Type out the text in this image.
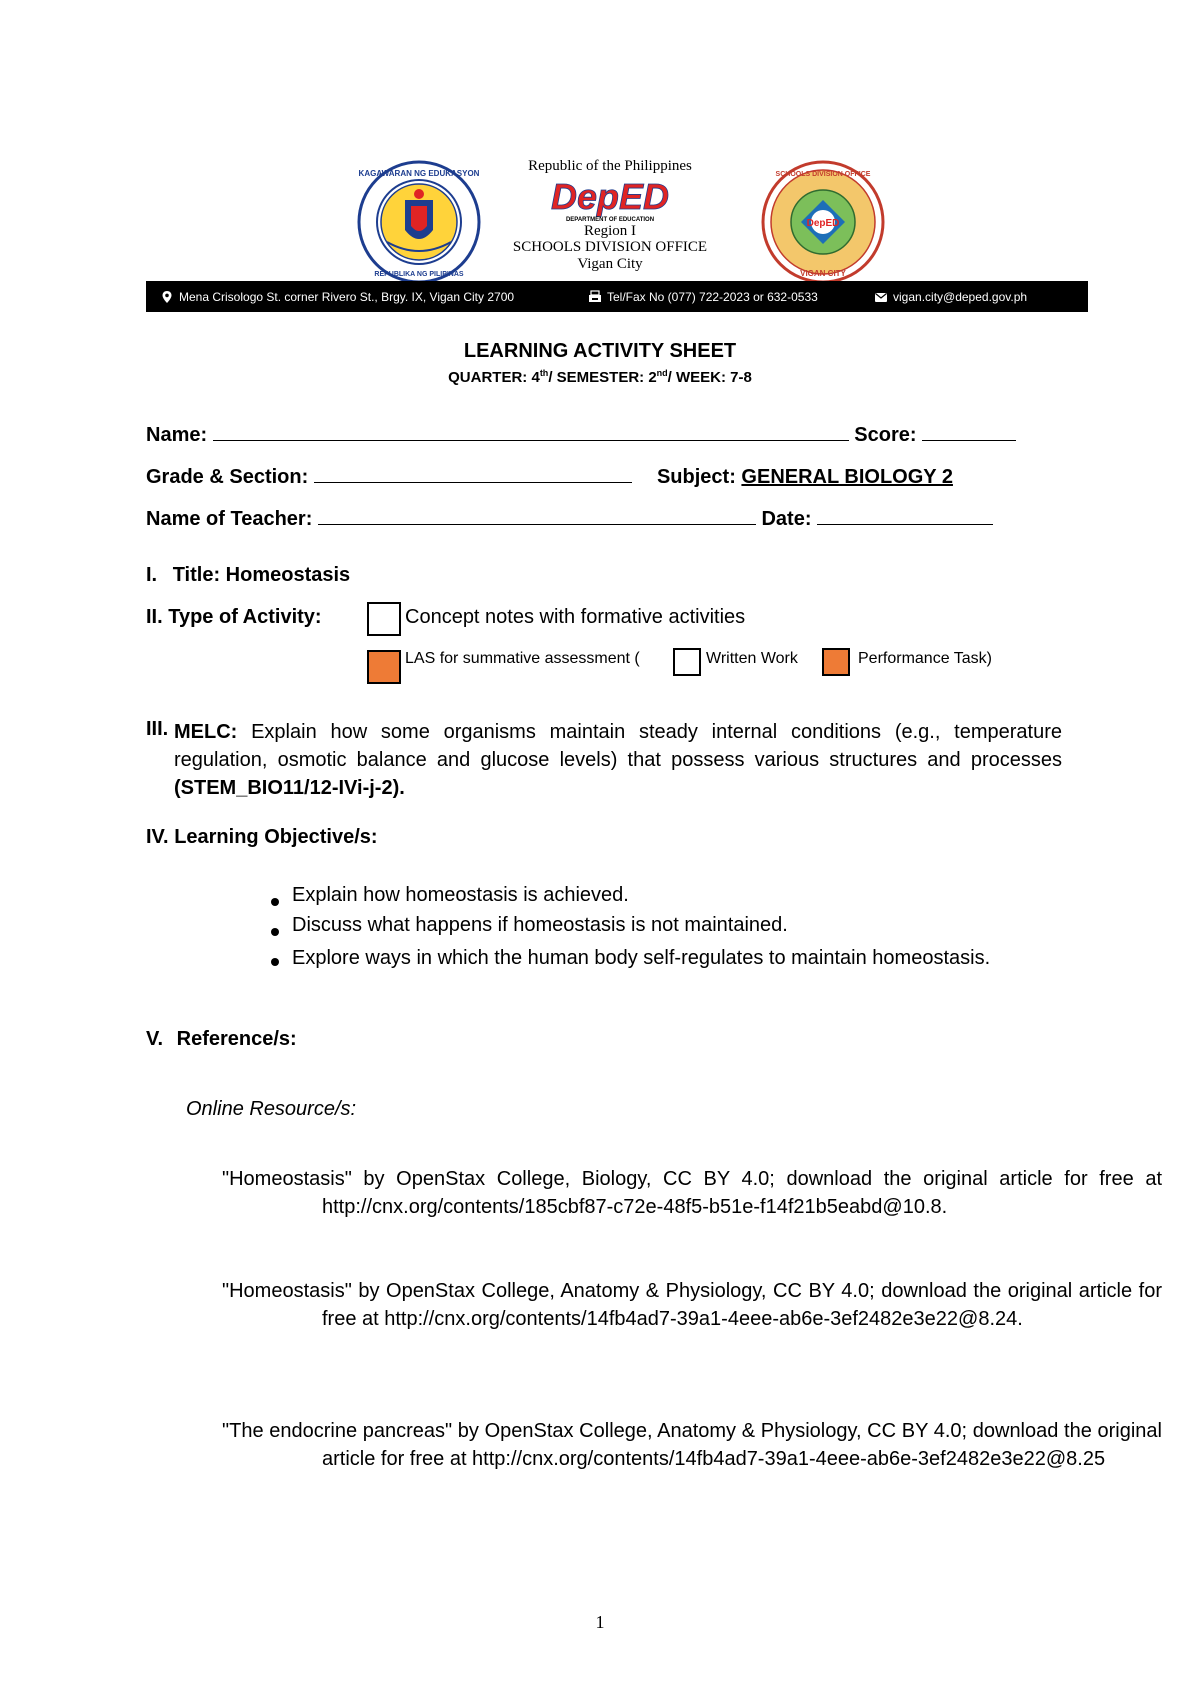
KAGAWARAN NG EDUKASYON
REPUBLIKA NG PILIPINAS
Republic of the Philippines
DepED
DEPARTMENT OF EDUCATION
Region I
SCHOOLS DIVISION OFFICE
Vigan City
DepED
SCHOOLS DIVISION OFFICE
VIGAN CITY
Mena Crisologo St. corner Rivero St., Brgy. IX, Vigan City 2700	Tel/Fax No (077) 722-2023 or 632-0533	vigan.city@deped.gov.ph
LEARNING ACTIVITY SHEET
QUARTER: 4th/ SEMESTER: 2nd/ WEEK: 7-8
Name:	Score:
Grade & Section:	Subject: GENERAL BIOLOGY 2
Name of Teacher:	Date:
I. Title: Homeostasis
II. Type of Activity:	Concept notes with formative activities
LAS for summative assessment (	Written Work	Performance Task)
III. MELC: Explain how some organisms maintain steady internal conditions (e.g., temperature regulation, osmotic balance and glucose levels) that possess various structures and processes (STEM_BIO11/12-IVi-j-2).
IV. Learning Objective/s:
Explain how homeostasis is achieved.
Discuss what happens if homeostasis is not maintained.
Explore ways in which the human body self-regulates to maintain homeostasis.
V. Reference/s:
Online Resource/s:
"Homeostasis" by OpenStax College, Biology, CC BY 4.0; download the original article for free at http://cnx.org/contents/185cbf87-c72e-48f5-b51e-f14f21b5eabd@10.8.
"Homeostasis" by OpenStax College, Anatomy & Physiology, CC BY 4.0; download the original article for free at http://cnx.org/contents/14fb4ad7-39a1-4eee-ab6e-3ef2482e3e22@8.24.
"The endocrine pancreas" by OpenStax College, Anatomy & Physiology, CC BY 4.0; download the original article for free at http://cnx.org/contents/14fb4ad7-39a1-4eee-ab6e-3ef2482e3e22@8.25
1
